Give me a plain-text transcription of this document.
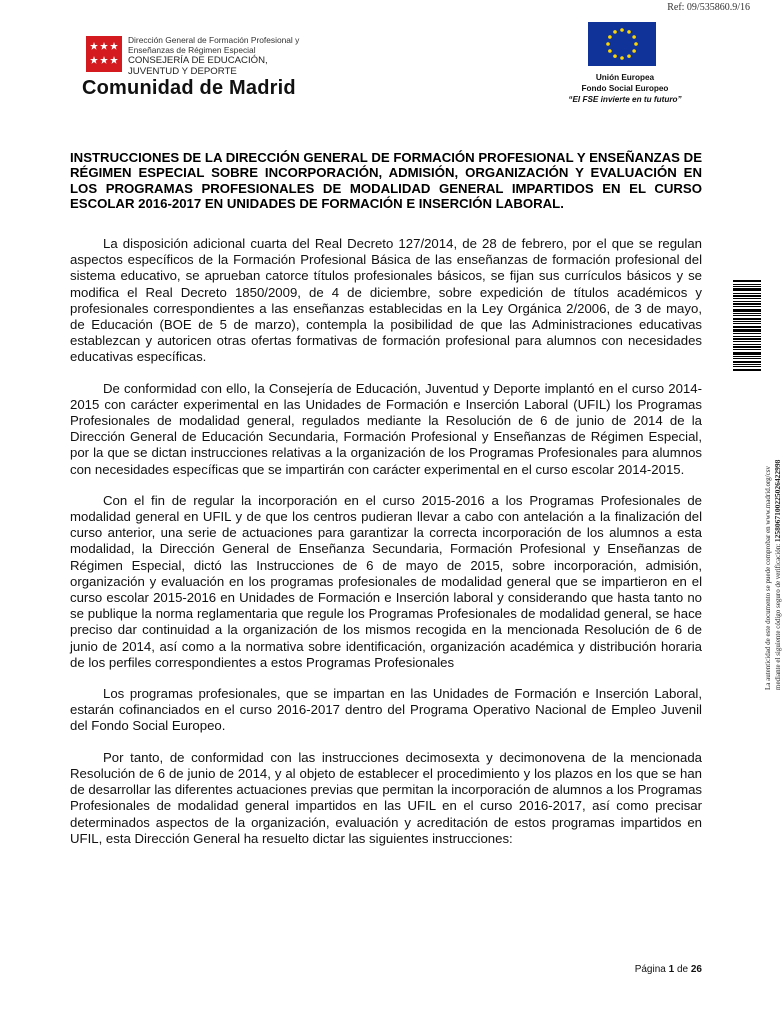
Ref: 09/535860.9/16
Dirección General de Formación Profesional y
Enseñanzas de Régimen Especial
CONSEJERÍA DE EDUCACIÓN,
JUVENTUD Y DEPORTE
Comunidad de Madrid	Unión Europea
Fondo Social Europeo
“El FSE invierte en tu futuro”
INSTRUCCIONES DE LA DIRECCIÓN GENERAL DE FORMACIÓN PROFESIONAL Y ENSEÑANZAS DE RÉGIMEN ESPECIAL SOBRE INCORPORACIÓN, ADMISIÓN, ORGANIZACIÓN Y EVALUACIÓN EN LOS PROGRAMAS PROFESIONALES DE MODALIDAD GENERAL IMPARTIDOS EN EL CURSO ESCOLAR 2016-2017 EN UNIDADES DE FORMACIÓN E INSERCIÓN LABORAL.

La disposición adicional cuarta del Real Decreto 127/2014, de 28 de febrero, por el que se regulan aspectos específicos de la Formación Profesional Básica de las enseñanzas de formación profesional del sistema educativo, se aprueban catorce títulos profesionales básicos, se fijan sus currículos básicos y se modifica el Real Decreto 1850/2009, de 4 de diciembre, sobre expedición de títulos académicos y profesionales correspondientes a las enseñanzas establecidas en la Ley Orgánica 2/2006, de 3 de mayo, de Educación (BOE de 5 de marzo), contempla la posibilidad de que las Administraciones educativas establezcan y autoricen otras ofertas formativas de formación profesional para alumnos con necesidades educativas específicas.

De conformidad con ello, la Consejería de Educación, Juventud y Deporte implantó en el curso 2014-2015 con carácter experimental en las Unidades de Formación e Inserción Laboral (UFIL) los Programas Profesionales de modalidad general, regulados mediante la Resolución de 6 de junio de 2014 de la Dirección General de Educación Secundaria, Formación Profesional y Enseñanzas de Régimen Especial, por la que se dictan instrucciones relativas a la organización de los Programas Profesionales para alumnos con necesidades específicas que se impartirán con carácter experimental en el curso escolar 2014-2015.

Con el fin de regular la incorporación en el curso 2015-2016 a los Programas Profesionales de modalidad general en UFIL y de que los centros pudieran llevar a cabo con antelación a la finalización del curso anterior, una serie de actuaciones para garantizar la correcta incorporación de los alumnos a esta modalidad, la Dirección General de Enseñanza Secundaria, Formación Profesional y Enseñanzas de Régimen Especial, dictó las Instrucciones de 6 de mayo de 2015, sobre incorporación, admisión, organización y evaluación en los programas profesionales de modalidad general que se impartieron en el curso escolar 2015-2016 en Unidades de Formación e Inserción laboral y considerando que hasta tanto no se publique la norma reglamentaria que regule los Programas Profesionales de modalidad general, se hace preciso dar continuidad a la organización de los mismos recogida en la mencionada Resolución de 6 de junio de 2014, así como a la normativa sobre identificación, organización académica y distribución horaria de los perfiles correspondientes a estos Programas Profesionales

Los programas profesionales, que se impartan en las Unidades de Formación e Inserción Laboral, estarán cofinanciados en el curso 2016-2017 dentro del Programa Operativo Nacional de Empleo Juvenil del Fondo Social Europeo.

Por tanto, de conformidad con las instrucciones decimosexta y decimonovena de la mencionada Resolución de 6 de junio de 2014, y al objeto de establecer el procedimiento y los plazos en los que se han de desarrollar las diferentes actuaciones previas que permitan la incorporación de alumnos a los Programas Profesionales de modalidad general impartidos en las UFIL en el curso 2016-2017, así como precisar determinados aspectos de la organización, evaluación y acreditación de estos programas impartidos en UFIL, esta Dirección General ha resuelto dictar las siguientes instrucciones:

La autenticidad de este documento se puede comprobar en www.madrid.org/csv mediante el siguiente código seguro de verificación: 1258067100225026422998
Página 1 de 26
